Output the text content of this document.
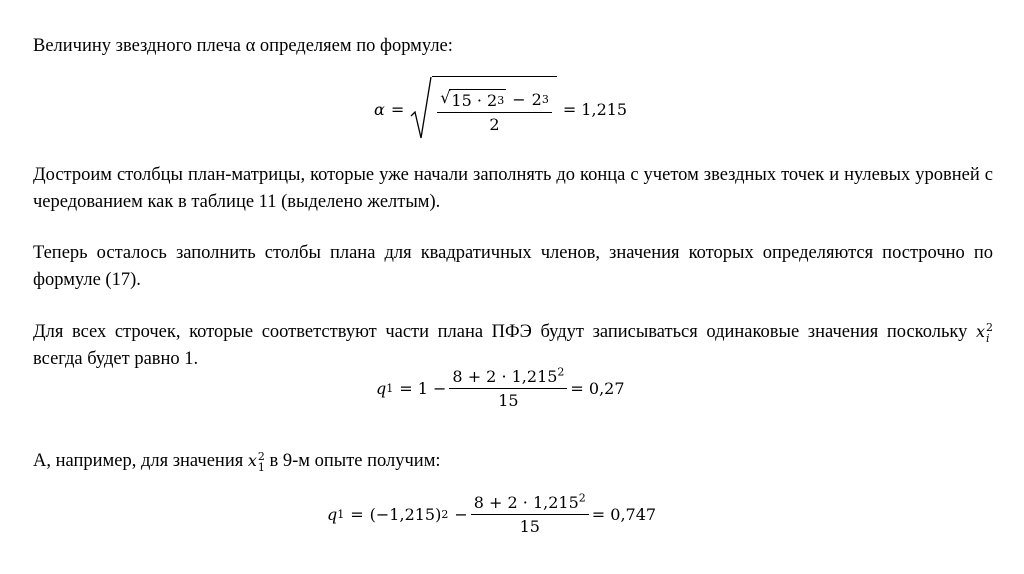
Величину звездного плеча α определяем по формуле:
α =
√ 15 · 2 3 − 2 3
2
= 1,215
Достроим столбцы план-матрицы, которые уже начали заполнять до конца с учетом звездных точек и нулевых уровней с чередованием как в таблице 11 (выделено желтым).
Теперь осталось заполнить столбы плана для квадратичных членов, значения которых определяются построчно по формуле (17).
Для всех строчек, которые соответствуют части плана ПФЭ будут записываться одинаковые значения поскольку x 2
i
всегда будет равно 1.
q $1 = 1 - \frac{8 + 2 \cdot 1,215^2}{15} = 0,27$
А, например, для значения x 2
1 в 9-м опыте получим:
q 1 = (−1,215) $2 - \frac{8 + 2 \cdot 1,215^2}{15} = 0,747$
